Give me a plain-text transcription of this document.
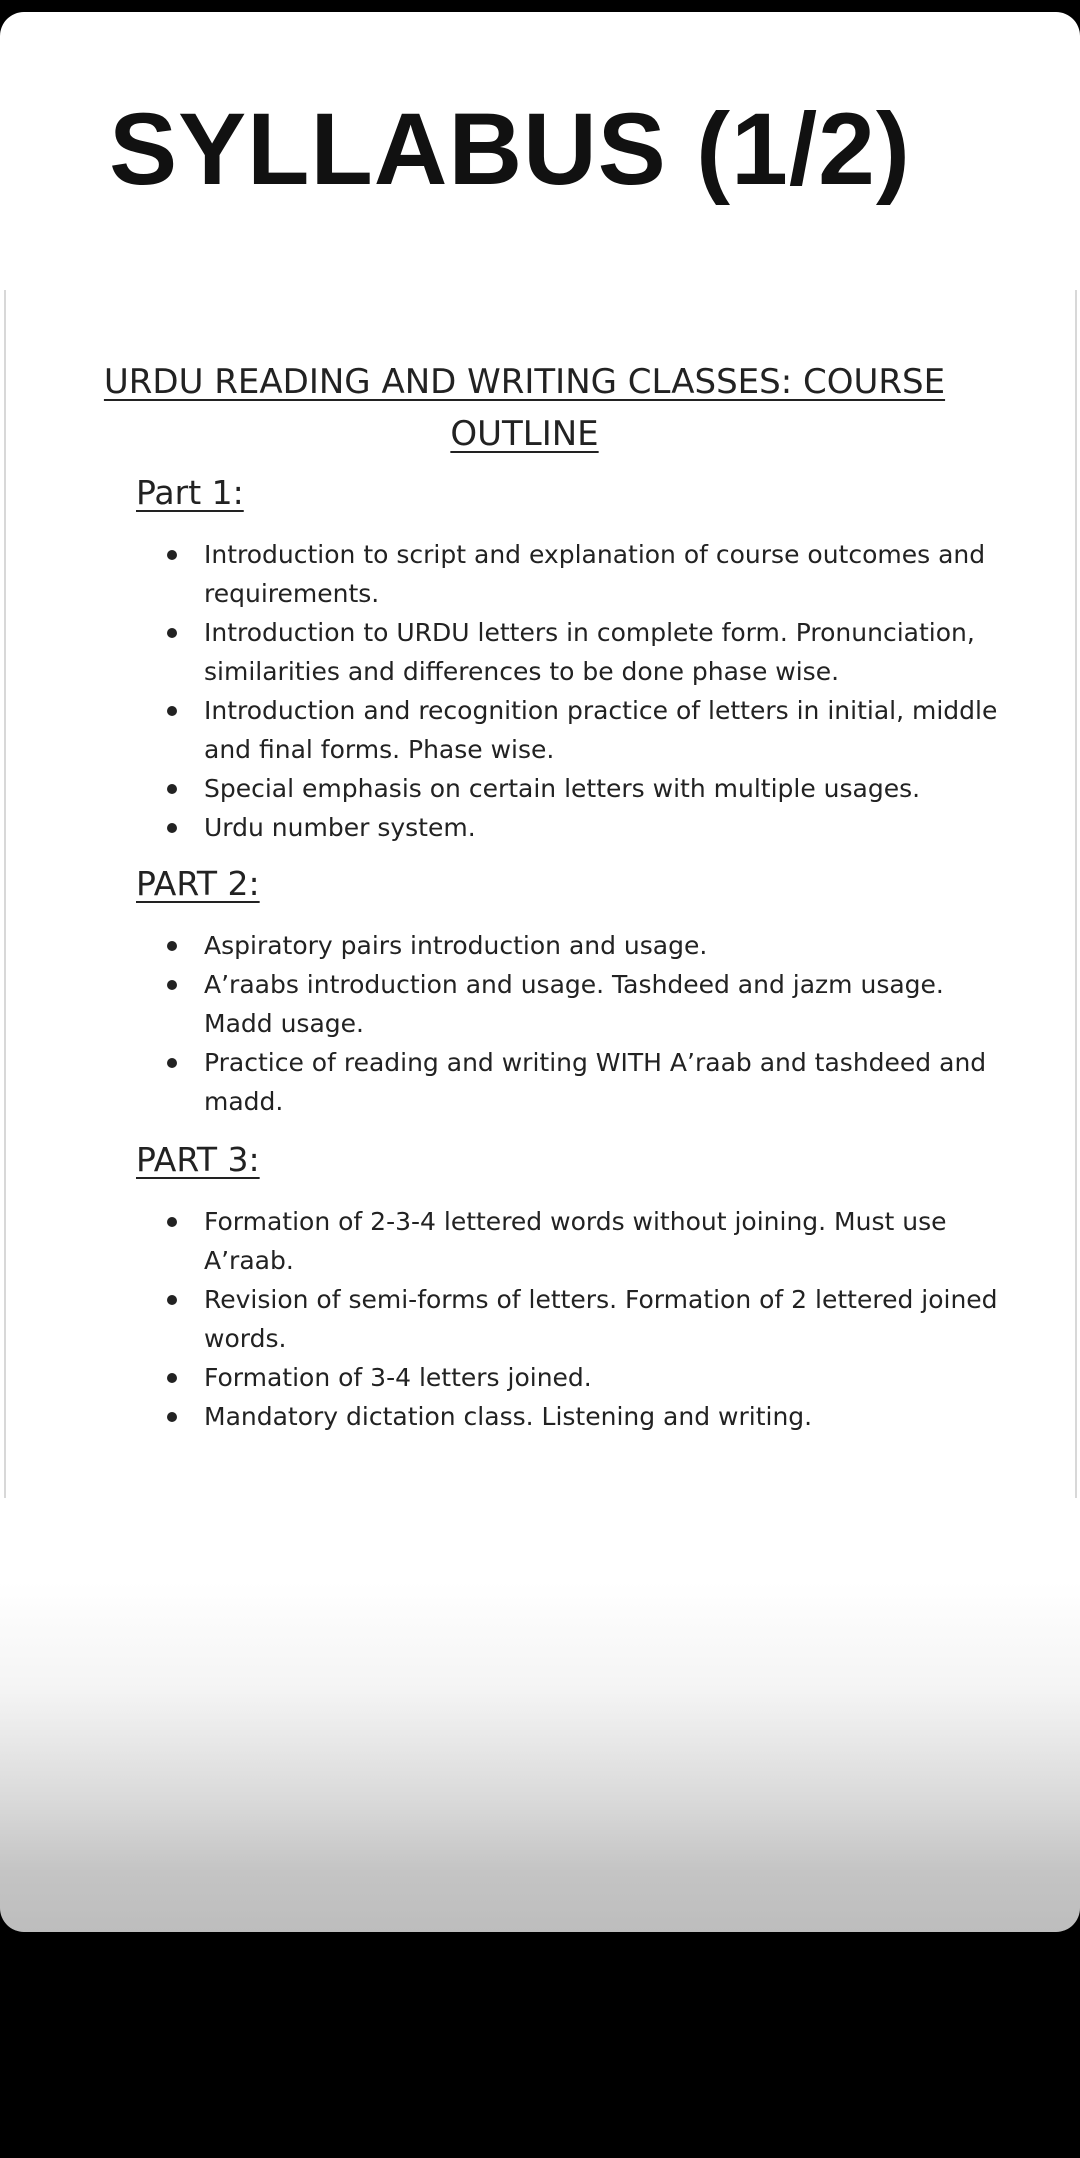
SYLLABUS (1/2)
URDU READING AND WRITING CLASSES: COURSE
OUTLINE
Part 1:
Introduction to script and explanation of course outcomes and requirements.
Introduction to URDU letters in complete form. Pronunciation, similarities and differences to be done phase wise.
Introduction and recognition practice of letters in initial, middle and final forms. Phase wise.
Special emphasis on certain letters with multiple usages.
Urdu number system.
PART 2:
Aspiratory pairs introduction and usage.
A’raabs introduction and usage. Tashdeed and jazm usage. Madd usage.
Practice of reading and writing WITH A’raab and tashdeed and madd.
PART 3:
Formation of 2-3-4 lettered words without joining. Must use A’raab.
Revision of semi-forms of letters. Formation of 2 lettered joined words.
Formation of 3-4 letters joined.
Mandatory dictation class. Listening and writing.
